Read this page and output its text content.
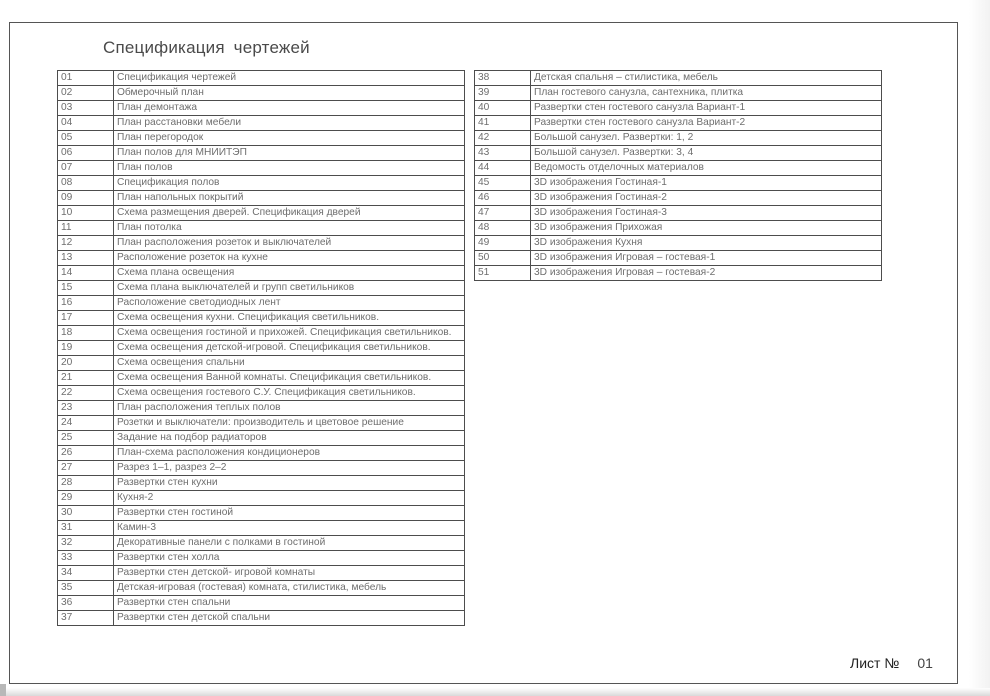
Спецификация чертежей
01	Спецификация чертежей
02	Обмерочный план
03	План демонтажа
04	План расстановки мебели
05	План перегородок
06	План полов для МНИИТЭП
07	План полов
08	Спецификация полов
09	План напольных покрытий
10	Схема размещения дверей. Спецификация дверей
11	План потолка
12	План расположения розеток и выключателей
13	Расположение розеток на кухне
14	Схема плана освещения
15	Схема плана выключателей и групп светильников
16	Расположение светодиодных лент
17	Схема освещения кухни. Спецификация светильников.
18	Схема освещения гостиной и прихожей. Спецификация светильников.
19	Схема освещения детской-игровой. Спецификация светильников.
20	Схема освещения спальни
21	Схема освещения Ванной комнаты. Спецификация светильников.
22	Схема освещения гостевого С.У. Спецификация светильников.
23	План расположения теплых полов
24	Розетки и выключатели: производитель и цветовое решение
25	Задание на подбор радиаторов
26	План-схема расположения кондиционеров
27	Разрез 1–1, разрез 2–2
28	Развертки стен кухни
29	Кухня-2
30	Развертки стен гостиной
31	Камин-3
32	Декоративные панели с полками в гостиной
33	Развертки стен холла
34	Развертки стен детской- игровой комнаты
35	Детская-игровая (гостевая) комната, стилистика, мебель
36	Развертки стен спальни
37	Развертки стен детской спальни
38	Детская спальня – стилистика, мебель
39	План гостевого санузла, сантехника, плитка
40	Развертки стен гостевого санузла Вариант-1
41	Развертки стен гостевого санузла Вариант-2
42	Большой санузел. Развертки: 1, 2
43	Большой санузел. Развертки: 3, 4
44	Ведомость отделочных материалов
45	3D изображения Гостиная-1
46	3D изображения Гостиная-2
47	3D изображения Гостиная-3
48	3D изображения Прихожая
49	3D изображения Кухня
50	3D изображения Игровая – гостевая-1
51	3D изображения Игровая – гостевая-2
Лист № 01
